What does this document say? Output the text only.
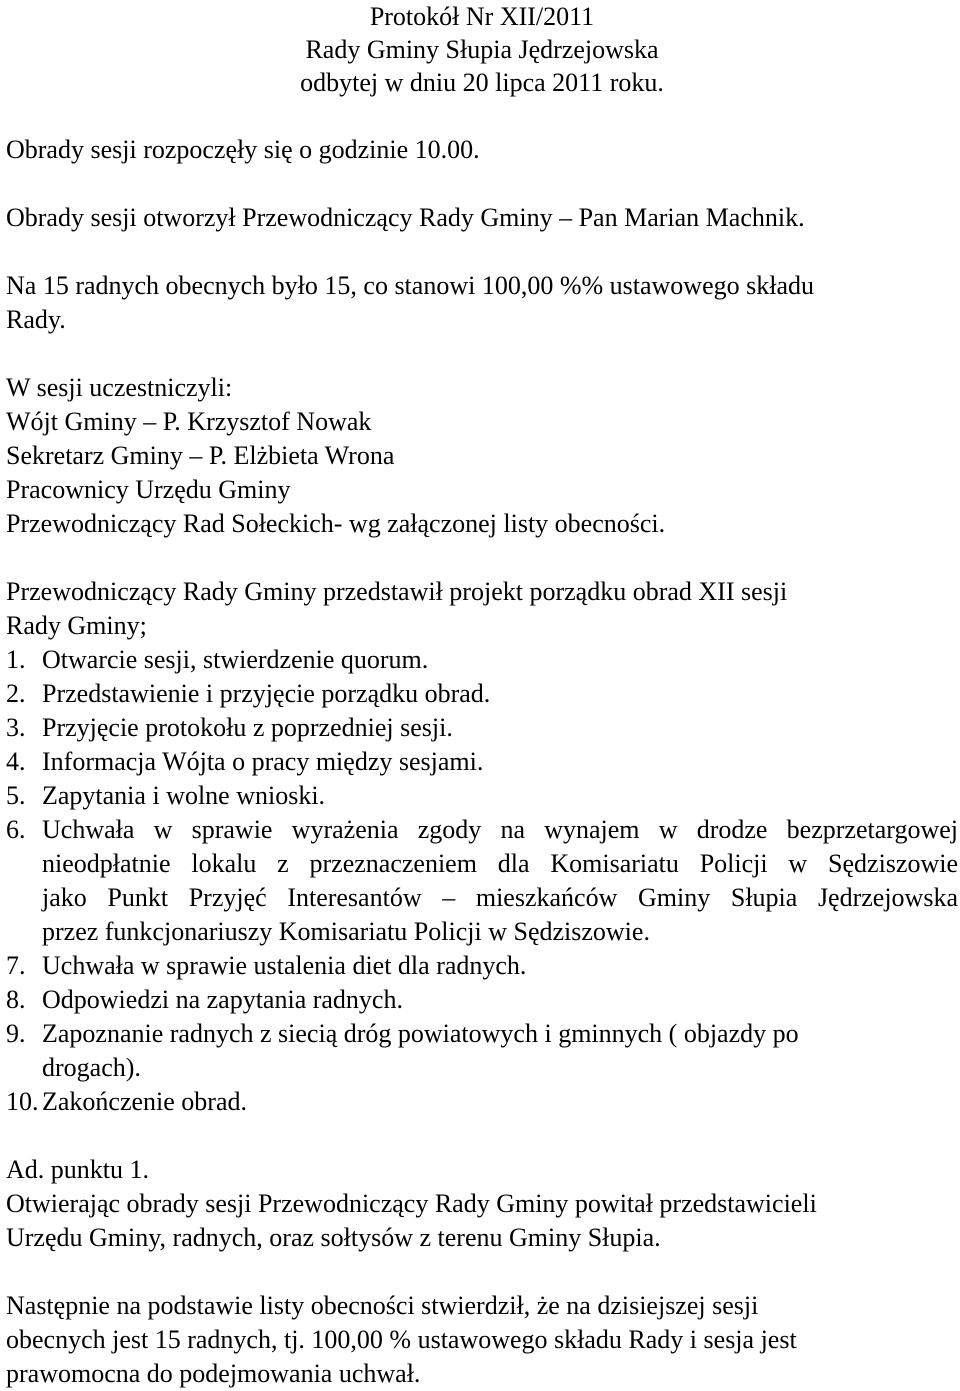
Protokół Nr XII/2011
Rady Gminy Słupia Jędrzejowska
odbytej w dniu 20 lipca 2011 roku.
Obrady sesji rozpoczęły się o godzinie 10.00.
Obrady sesji otworzył Przewodniczący Rady Gminy – Pan Marian Machnik.
Na 15 radnych obecnych było 15, co stanowi 100,00 %% ustawowego składu
Rady.
W sesji uczestniczyli:
Wójt Gminy – P. Krzysztof Nowak
Sekretarz Gminy – P. Elżbieta Wrona
Pracownicy Urzędu Gminy
Przewodniczący Rad Sołeckich- wg załączonej listy obecności.
Przewodniczący Rady Gminy przedstawił projekt porządku obrad XII sesji
Rady Gminy;
1. Otwarcie sesji, stwierdzenie quorum.
2. Przedstawienie i przyjęcie porządku obrad.
3. Przyjęcie protokołu z poprzedniej sesji.
4. Informacja Wójta o pracy między sesjami.
5. Zapytania i wolne wnioski.
6. Uchwała w sprawie wyrażenia zgody na wynajem w drodze bezprzetargowej
nieodpłatnie lokalu z przeznaczeniem dla Komisariatu Policji w Sędziszowie
jako Punkt Przyjęć Interesantów – mieszkańców Gminy Słupia Jędrzejowska
przez funkcjonariuszy Komisariatu Policji w Sędziszowie.
7. Uchwała w sprawie ustalenia diet dla radnych.
8. Odpowiedzi na zapytania radnych.
9. Zapoznanie radnych z siecią dróg powiatowych i gminnych ( objazdy po
drogach).
10. Zakończenie obrad.
Ad. punktu 1.
Otwierając obrady sesji Przewodniczący Rady Gminy powitał przedstawicieli
Urzędu Gminy, radnych, oraz sołtysów z terenu Gminy Słupia.
Następnie na podstawie listy obecności stwierdził, że na dzisiejszej sesji
obecnych jest 15 radnych, tj. 100,00 % ustawowego składu Rady i sesja jest
prawomocna do podejmowania uchwał.
